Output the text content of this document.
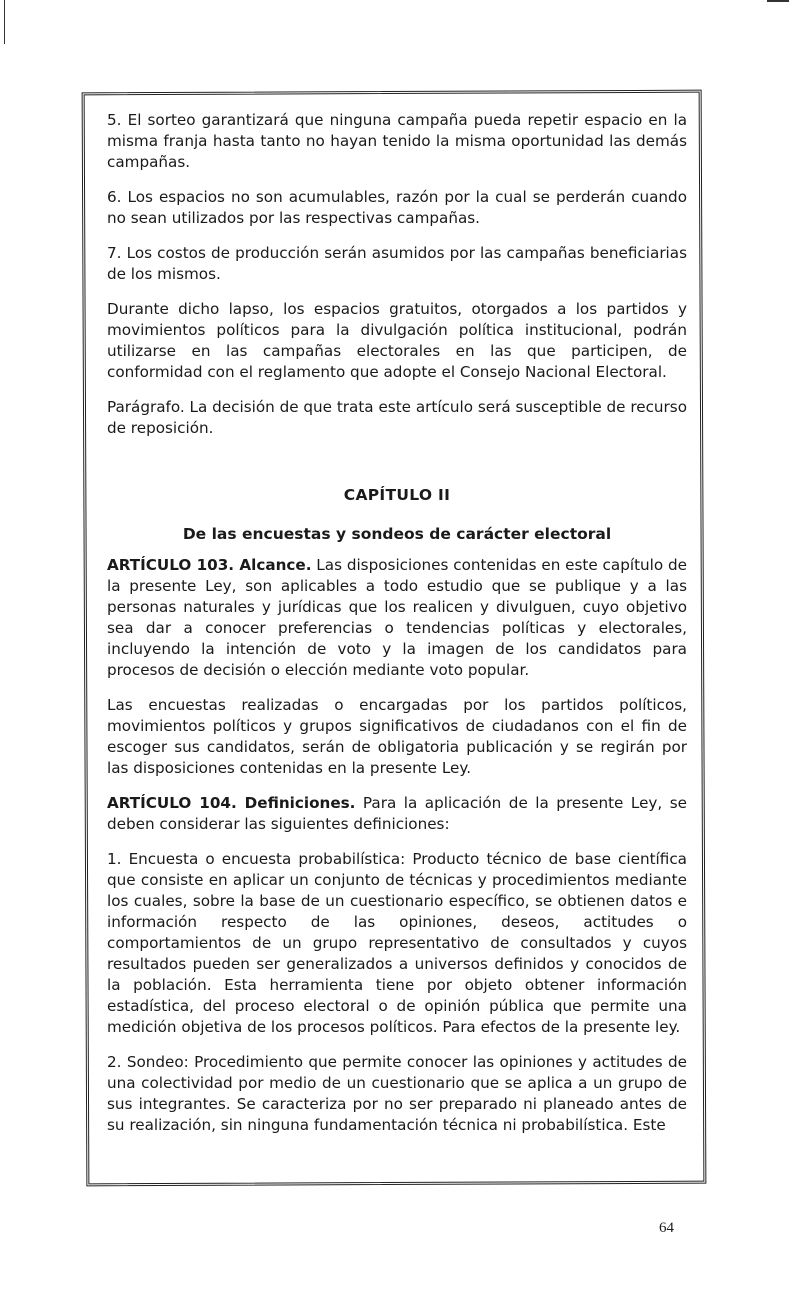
5. El sorteo garantizará que ninguna campaña pueda repetir espacio en la misma franja hasta tanto no hayan tenido la misma oportunidad las demás campañas.

6. Los espacios no son acumulables, razón por la cual se perderán cuando no sean utilizados por las respectivas campañas.

7. Los costos de producción serán asumidos por las campañas beneficiarias de los mismos.

Durante dicho lapso, los espacios gratuitos, otorgados a los partidos y movimientos políticos para la divulgación política institucional, podrán utilizarse en las campañas electorales en las que participen, de conformidad con el reglamento que adopte el Consejo Nacional Electoral.

Parágrafo. La decisión de que trata este artículo será susceptible de recurso de reposición.

CAPÍTULO II
De las encuestas y sondeos de carácter electoral

ARTÍCULO 103. Alcance. Las disposiciones contenidas en este capítulo de la presente Ley, son aplicables a todo estudio que se publique y a las personas naturales y jurídicas que los realicen y divulguen, cuyo objetivo sea dar a conocer preferencias o tendencias políticas y electorales, incluyendo la intención de voto y la imagen de los candidatos para procesos de decisión o elección mediante voto popular.

Las encuestas realizadas o encargadas por los partidos políticos, movimientos políticos y grupos significativos de ciudadanos con el fin de escoger sus candidatos, serán de obligatoria publicación y se regirán por las disposiciones contenidas en la presente Ley.

ARTÍCULO 104. Definiciones. Para la aplicación de la presente Ley, se deben considerar las siguientes definiciones:

1. Encuesta o encuesta probabilística: Producto técnico de base científica que consiste en aplicar un conjunto de técnicas y procedimientos mediante los cuales, sobre la base de un cuestionario específico, se obtienen datos e información respecto de las opiniones, deseos, actitudes o comportamientos de un grupo representativo de consultados y cuyos resultados pueden ser generalizados a universos definidos y conocidos de la población. Esta herramienta tiene por objeto obtener información estadística, del proceso electoral o de opinión pública que permite una medición objetiva de los procesos políticos. Para efectos de la presente ley.

2. Sondeo: Procedimiento que permite conocer las opiniones y actitudes de una colectividad por medio de un cuestionario que se aplica a un grupo de sus integrantes. Se caracteriza por no ser preparado ni planeado antes de su realización, sin ninguna fundamentación técnica ni probabilística. Este

64
